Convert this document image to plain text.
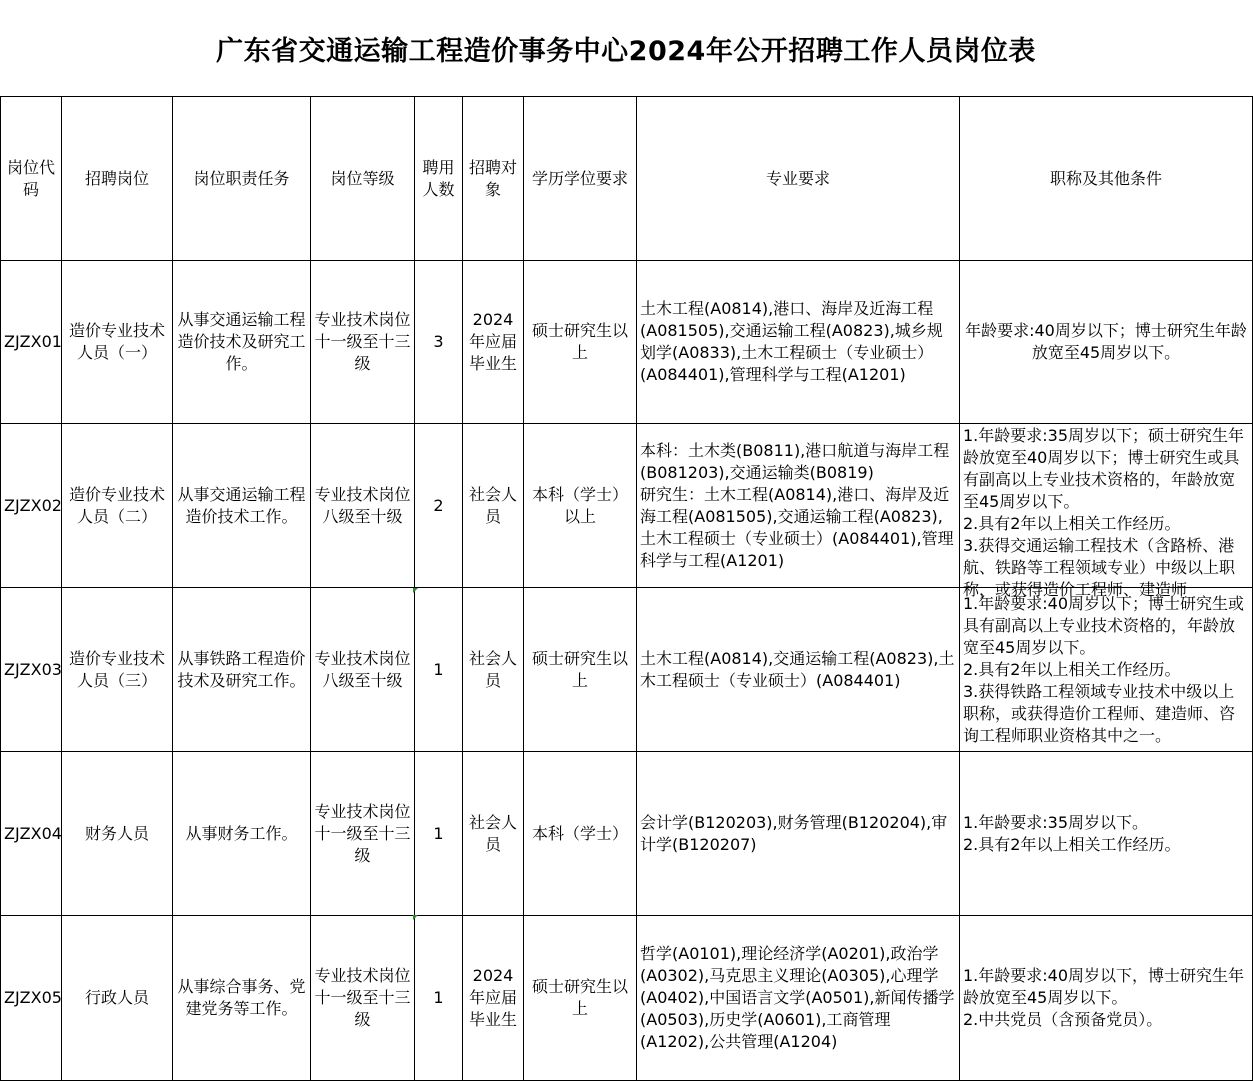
广东省交通运输工程造价事务中心2024年公开招聘工作人员岗位表
岗位代码	招聘岗位	岗位职责任务	岗位等级	聘用人数	招聘对象	学历学位要求	专业要求	职称及其他条件
ZJZX01	造价专业技术人员（一）	从事交通运输工程造价技术及研究工作。	专业技术岗位十一级至十三级	3	2024年应届毕业生	硕士研究生以上	土木工程(A0814),港口、海岸及近海工程(A081505),交通运输工程(A0823),城乡规划学(A0833),土木工程硕士（专业硕士）(A084401),管理科学与工程(A1201)	年龄要求:40周岁以下；博士研究生年龄放宽至45周岁以下。
ZJZX02	造价专业技术人员（二）	从事交通运输工程造价技术工作。	专业技术岗位八级至十级	2	社会人员	本科（学士）以上	本科：土木类(B0811),港口航道与海岸工程(B081203),交通运输类(B0819)
研究生：土木工程(A0814),港口、海岸及近海工程(A081505),交通运输工程(A0823),土木工程硕士（专业硕士）(A084401),管理科学与工程(A1201)	1.年龄要求:35周岁以下；硕士研究生年龄放宽至40周岁以下；博士研究生或具有副高以上专业技术资格的，年龄放宽至45周岁以下。
2.具有2年以上相关工作经历。
3.获得交通运输工程技术（含路桥、港航、铁路等工程领域专业）中级以上职称，或获得造价工程师、建造师

ZJZX03	造价专业技术人员（三）	从事铁路工程造价技术及研究工作。	专业技术岗位八级至十级	1	社会人员	硕士研究生以上	土木工程(A0814),交通运输工程(A0823),土木工程硕士（专业硕士）(A084401)	1.年龄要求:40周岁以下；博士研究生或具有副高以上专业技术资格的，年龄放宽至45周岁以下。
2.具有2年以上相关工作经历。
3.获得铁路工程领域专业技术中级以上职称，或获得造价工程师、建造师、咨询工程师职业资格其中之一。
ZJZX04	财务人员	从事财务工作。	专业技术岗位十一级至十三级	1	社会人员	本科（学士）	会计学(B120203),财务管理(B120204),审计学(B120207)	1.年龄要求:35周岁以下。
2.具有2年以上相关工作经历。
ZJZX05	行政人员	从事综合事务、党建党务等工作。	专业技术岗位十一级至十三级	1	2024年应届毕业生	硕士研究生以上	哲学(A0101),理论经济学(A0201),政治学(A0302),马克思主义理论(A0305),心理学(A0402),中国语言文学(A0501),新闻传播学(A0503),历史学(A0601),工商管理(A1202),公共管理(A1204)	1.年龄要求:40周岁以下，博士研究生年龄放宽至45周岁以下。
2.中共党员（含预备党员）。
